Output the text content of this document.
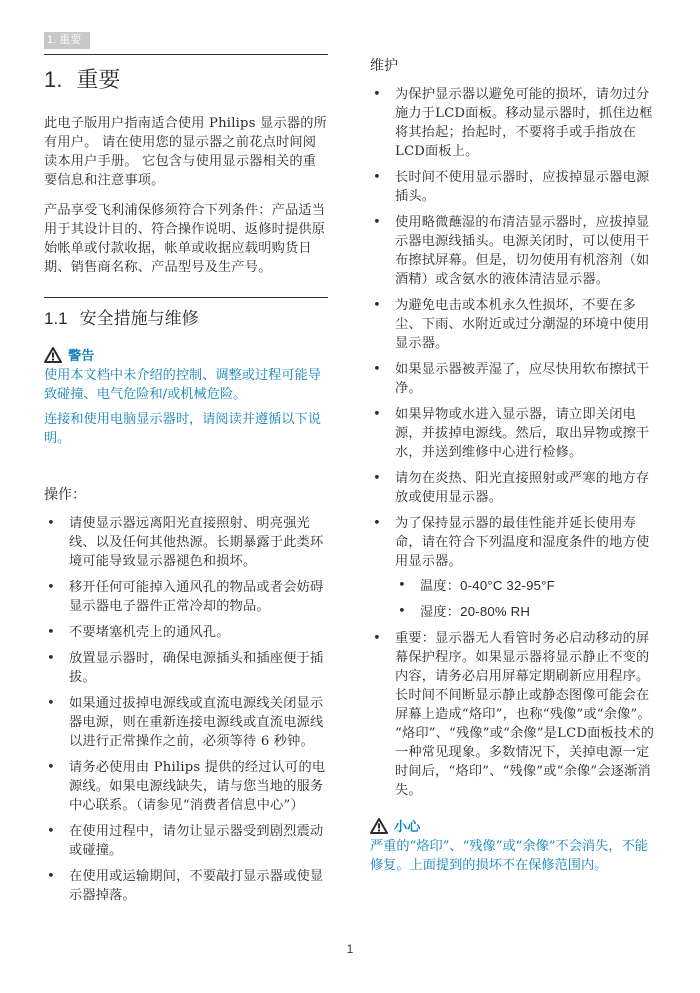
1. 重要
1. 重要

此电子版用户指南适合使用 Philips 显示器的所有用户。 请在使用您的显示器之前花点时间阅读本用户手册。 它包含与使用显示器相关的重要信息和注意事项。

产品享受飞利浦保修须符合下列条件：产品适当用于其设计目的、符合操作说明、返修时提供原始帐单或付款收据，帐单或收据应载明购货日期、销售商名称、产品型号及生产号。

1.1 安全措施与维修
警告

使用本文档中未介绍的控制、调整或过程可能导致碰撞、电气危险和/或机械危险。

连接和使用电脑显示器时，请阅读并遵循以下说明。

操作：
• 请使显示器远离阳光直接照射、明亮强光线、以及任何其他热源。长期暴露于此类环境可能导致显示器褪色和损坏。
• 移开任何可能掉入通风孔的物品或者会妨碍显示器电子器件正常冷却的物品。
• 不要堵塞机壳上的通风孔。
• 放置显示器时，确保电源插头和插座便于插拔。
• 如果通过拔掉电源线或直流电源线关闭显示器电源，则在重新连接电源线或直流电源线以进行正常操作之前，必须等待 6 秒钟。
• 请务必使用由 Philips 提供的经过认可的电源线。如果电源线缺失，请与您当地的服务中心联系。（请参见“消费者信息中心”）
• 在使用过程中，请勿让显示器受到剧烈震动或碰撞。
• 在使用或运输期间，不要敲打显示器或使显示器掉落。
维护
• 为保护显示器以避免可能的损坏，请勿过分施力于LCD面板。移动显示器时，抓住边框将其抬起；抬起时，不要将手或手指放在LCD面板上。
• 长时间不使用显示器时，应拔掉显示器电源插头。
• 使用略微蘸湿的布清洁显示器时，应拔掉显示器电源线插头。电源关闭时，可以使用干布擦拭屏幕。但是，切勿使用有机溶剂（如酒精）或含氨水的液体清洁显示器。
• 为避免电击或本机永久性损坏，不要在多尘、下雨、水附近或过分潮湿的环境中使用显示器。
• 如果显示器被弄湿了，应尽快用软布擦拭干净。
• 如果异物或水进入显示器，请立即关闭电源，并拔掉电源线。然后，取出异物或擦干水，并送到维修中心进行检修。
• 请勿在炎热、阳光直接照射或严寒的地方存放或使用显示器。
• 为了保持显示器的最佳性能并延长使用寿命，请在符合下列温度和湿度条件的地方使用显示器。
• 温度：0-40°C 32-95°F
• 湿度：20-80% RH
• 重要：显示器无人看管时务必启动移动的屏幕保护程序。如果显示器将显示静止不变的内容，请务必启用屏幕定期刷新应用程序。长时间不间断显示静止或静态图像可能会在屏幕上造成“烙印”，也称“残像”或“余像”。 “烙印”、“残像”或“余像”是LCD面板技术的一种常见现象。多数情况下，关掉电源一定时间后，“烙印”、“残像”或“余像”会逐渐消失。
小心

严重的“烙印”、“残像”或“余像”不会消失，不能修复。上面提到的损坏不在保修范围内。

1
